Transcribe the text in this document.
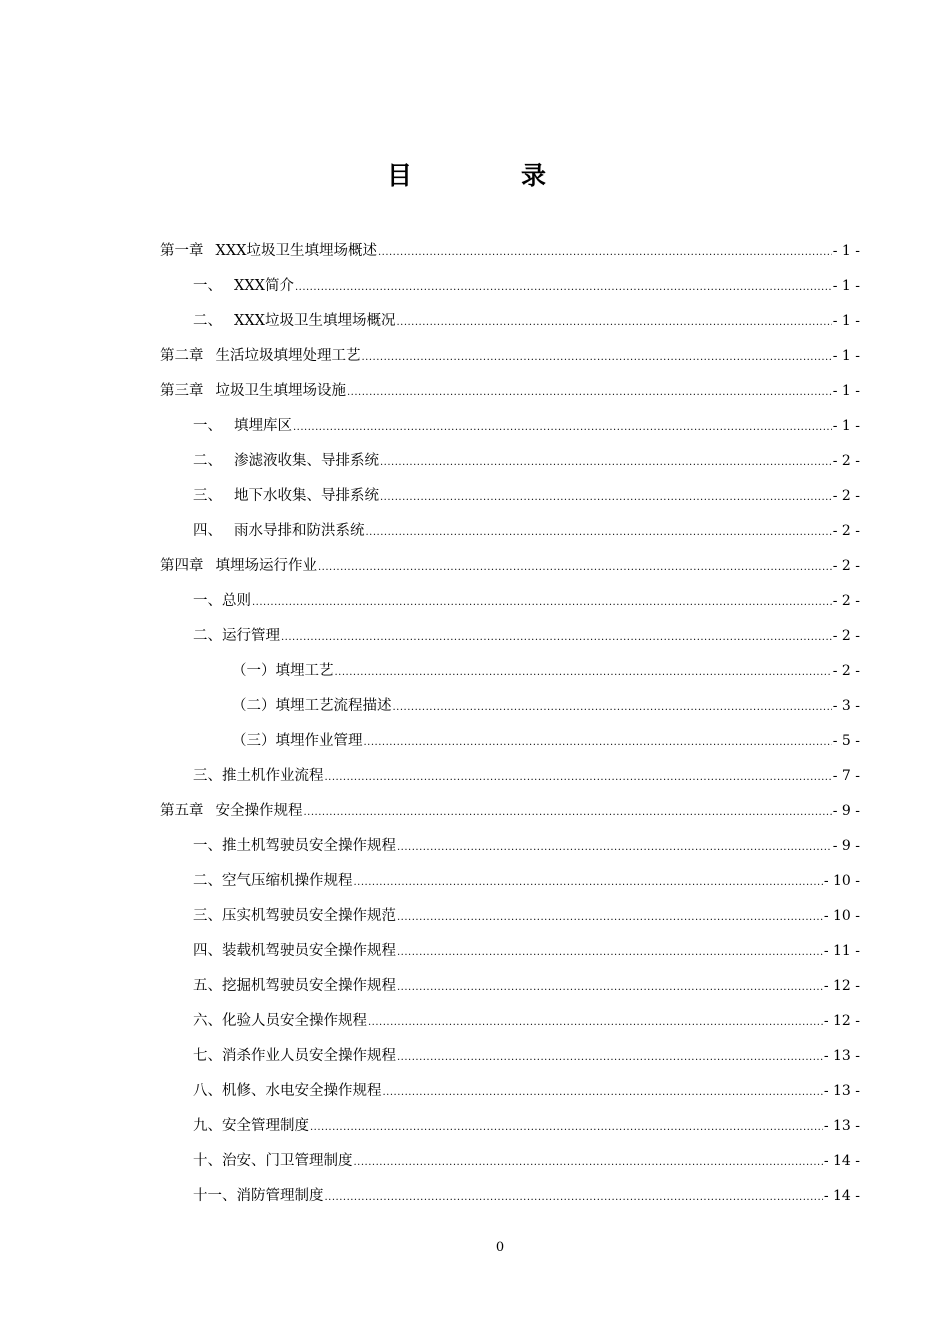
目　录
第一章 XXX垃圾卫生填埋场概述 .....	- 1 -
一、 XXX简介 .....	- 1 -
二、 XXX垃圾卫生填埋场概况 .....	- 1 -
第二章 生活垃圾填埋处理工艺 .....	- 1 -
第三章 垃圾卫生填埋场设施 .....	- 1 -
一、 填埋库区 .....	- 1 -
二、 渗滤液收集、导排系统 .....	- 2 -
三、 地下水收集、导排系统 .....	- 2 -
四、 雨水导排和防洪系统 .....	- 2 -
第四章 填埋场运行作业 .....	- 2 -
一、总则 .....	- 2 -
二、运行管理 .....	- 2 -
（一）填埋工艺 .....	- 2 -
（二）填埋工艺流程描述 .....	- 3 -
（三）填埋作业管理 .....	- 5 -
三、推土机作业流程 .....	- 7 -
第五章 安全操作规程 .....	- 9 -
一、推土机驾驶员安全操作规程 .....	- 9 -
二、空气压缩机操作规程 .....	- 10 -
三、压实机驾驶员安全操作规范 .....	- 10 -
四、装载机驾驶员安全操作规程 .....	- 11 -
五、挖掘机驾驶员安全操作规程 .....	- 12 -
六、化验人员安全操作规程 .....	- 12 -
七、消杀作业人员安全操作规程 .....	- 13 -
八、机修、水电安全操作规程 .....	- 13 -
九、安全管理制度 .....	- 13 -
十、治安、门卫管理制度 .....	- 14 -
十一、消防管理制度 .....	- 14 -
0
